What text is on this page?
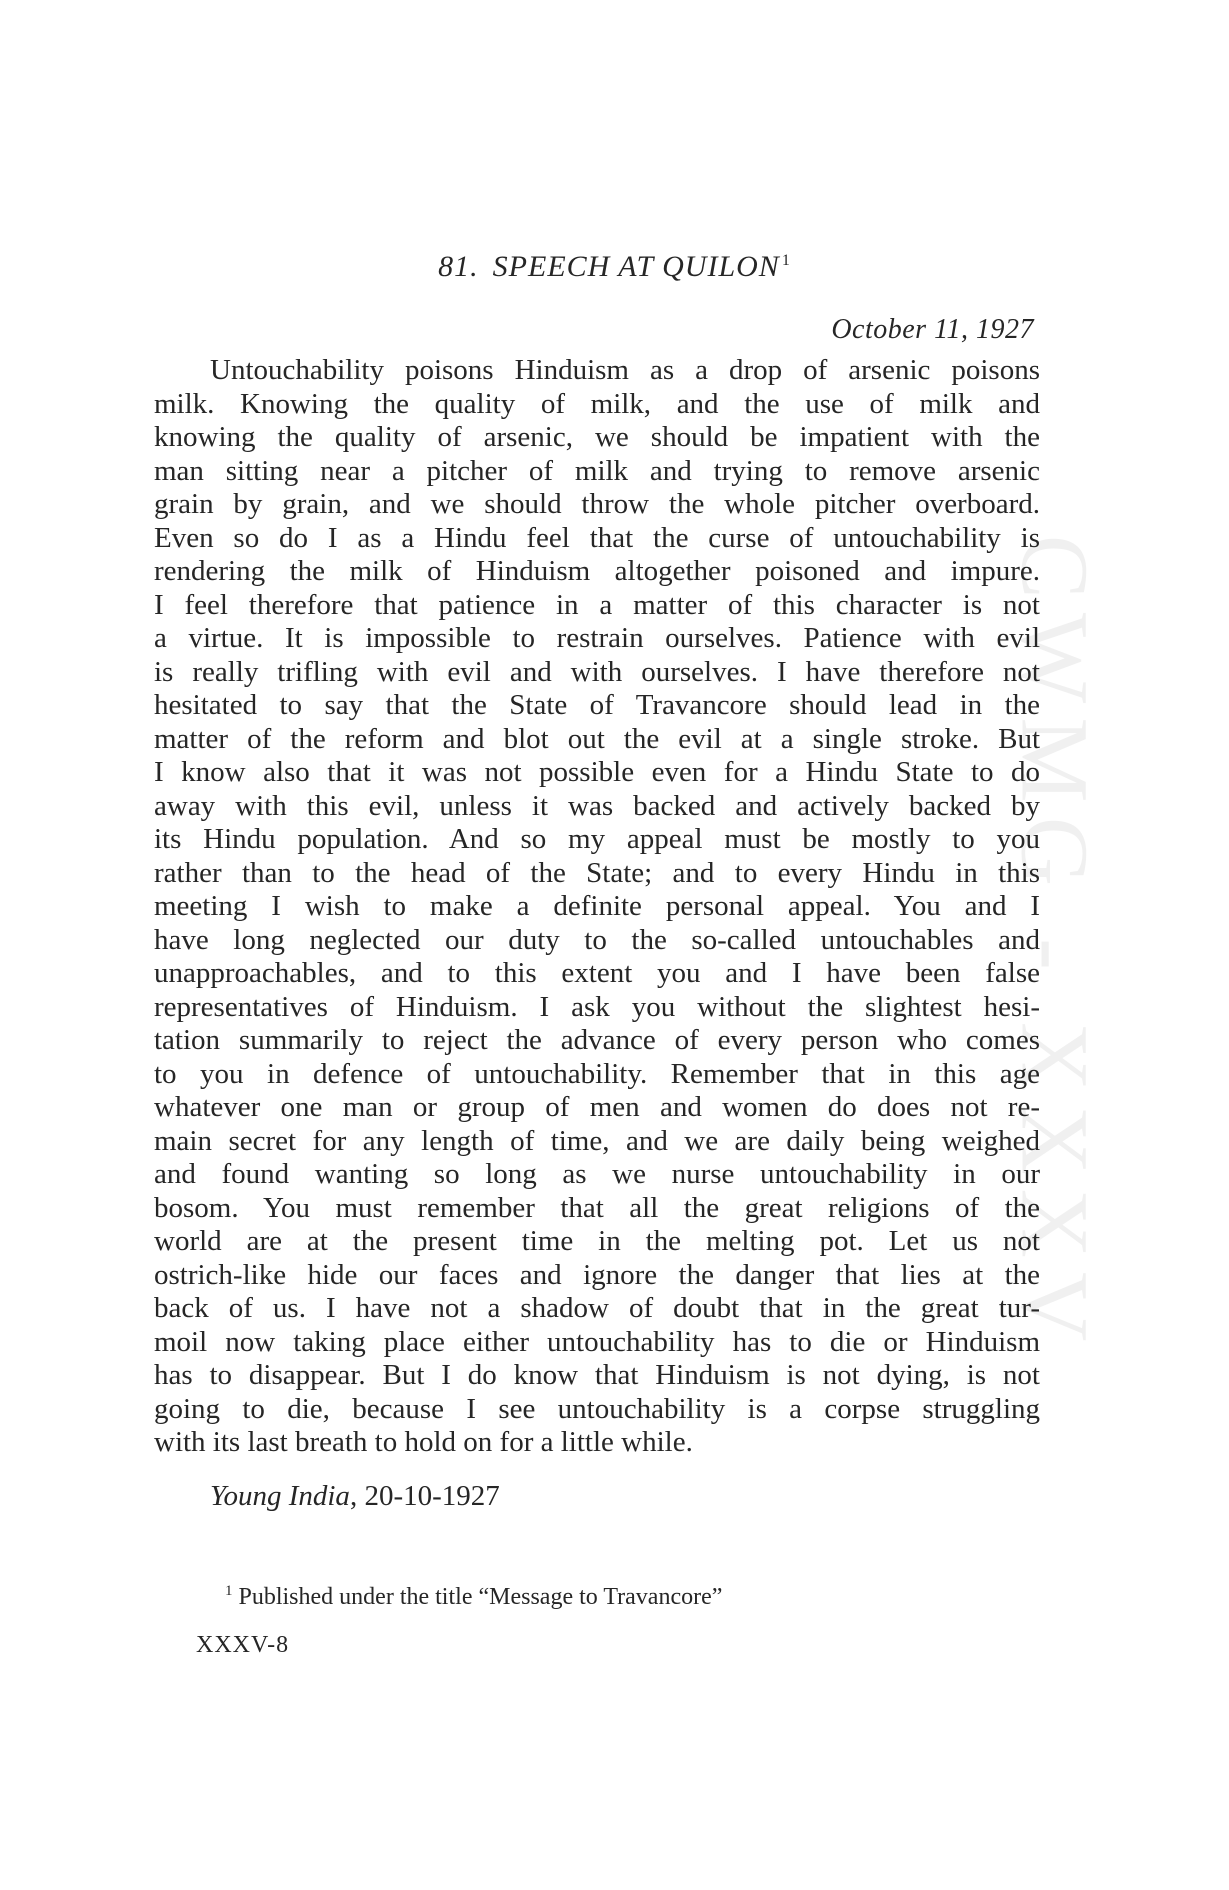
CWMG - XXXV
81. SPEECH AT QUILON $^1$
October 11, 1927
Untouchability poisons Hinduism as a drop of arsenic poisons
milk. Knowing the quality of milk, and the use of milk and
knowing the quality of arsenic, we should be impatient with the
man sitting near a pitcher of milk and trying to remove arsenic
grain by grain, and we should throw the whole pitcher overboard.
Even so do I as a Hindu feel that the curse of untouchability is
rendering the milk of Hinduism altogether poisoned and impure.
I feel therefore that patience in a matter of this character is not
a virtue. It is impossible to restrain ourselves. Patience with evil
is really trifling with evil and with ourselves. I have therefore not
hesitated to say that the State of Travancore should lead in the
matter of the reform and blot out the evil at a single stroke. But
I know also that it was not possible even for a Hindu State to do
away with this evil, unless it was backed and actively backed by
its Hindu population. And so my appeal must be mostly to you
rather than to the head of the State; and to every Hindu in this
meeting I wish to make a definite personal appeal. You and I
have long neglected our duty to the so-called untouchables and
unapproachables, and to this extent you and I have been false
representatives of Hinduism. I ask you without the slightest hesi-
tation summarily to reject the advance of every person who comes
to you in defence of untouchability. Remember that in this age
whatever one man or group of men and women do does not re-
main secret for any length of time, and we are daily being weighed
and found wanting so long as we nurse untouchability in our
bosom. You must remember that all the great religions of the
world are at the present time in the melting pot. Let us not
ostrich-like hide our faces and ignore the danger that lies at the
back of us. I have not a shadow of doubt that in the great tur-
moil now taking place either untouchability has to die or Hinduism
has to disappear. But I do know that Hinduism is not dying, is not
going to die, because I see untouchability is a corpse struggling
with its last breath to hold on for a little while.
Young India, 20-10-1927
$^1$ Published under the title “Message to Travancore”
XXXV-8
